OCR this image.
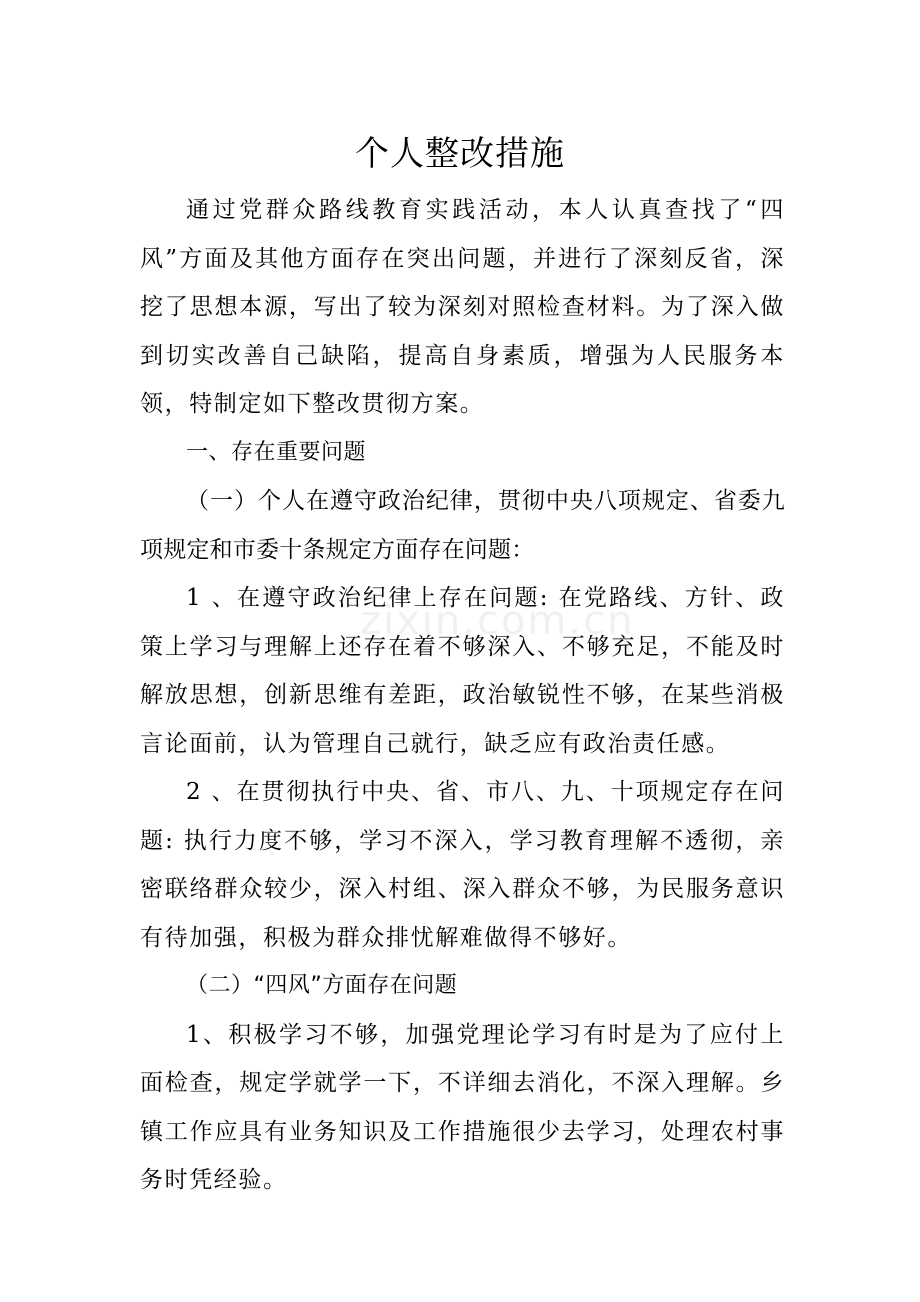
个人整改措施
zixin.com.cn

通过党群众路线教育实践活动，本人认真查找了“四风”方面及其他方面存在突出问题，并进行了深刻反省，深挖了思想本源，写出了较为深刻对照检查材料。为了深入做到切实改善自己缺陷，提高自身素质，增强为人民服务本领，特制定如下整改贯彻方案。

一、存在重要问题

（一）个人在遵守政治纪律，贯彻中央八项规定、省委九项规定和市委十条规定方面存在问题：

1 、在遵守政治纪律上存在问题: 在党路线、方针、政策上学习与理解上还存在着不够深入、不够充足，不能及时解放思想，创新思维有差距，政治敏锐性不够，在某些消极言论面前，认为管理自己就行，缺乏应有政治责任感。

2 、在贯彻执行中央、省、市八、九、十项规定存在问题: 执行力度不够，学习不深入，学习教育理解不透彻，亲密联络群众较少，深入村组、深入群众不够，为民服务意识有待加强，积极为群众排忧解难做得不够好。

（二）“四风”方面存在问题

1、积极学习不够，加强党理论学习有时是为了应付上面检查，规定学就学一下，不详细去消化，不深入理解。乡镇工作应具有业务知识及工作措施很少去学习，处理农村事务时凭经验。
